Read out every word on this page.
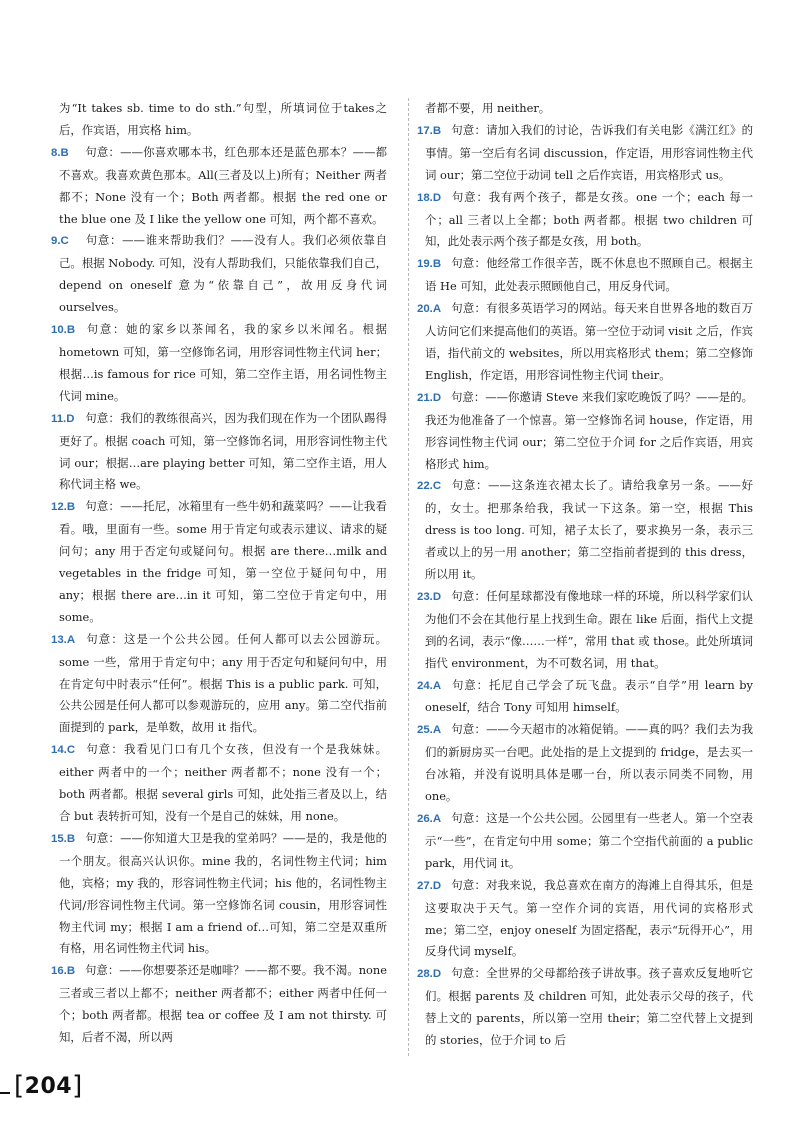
为“It takes sb. time to do sth.”句型，所填词位于takes之后，作宾语，用宾格 him。

8.B 句意：——你喜欢哪本书，红色那本还是蓝色那本？——都不喜欢。我喜欢黄色那本。All(三者及以上)所有；Neither 两者都不；None 没有一个；Both 两者都。根据 the red one or the blue one 及 I like the yellow one 可知，两个都不喜欢。

9.C 句意：——谁来帮助我们？——没有人。我们必须依靠自己。根据 Nobody. 可知，没有人帮助我们，只能依靠我们自己，depend on oneself 意为“依靠自己”，故用反身代词 ourselves。

10.B 句意：她的家乡以茶闻名，我的家乡以米闻名。根据 hometown 可知，第一空修饰名词，用形容词性物主代词 her；根据…is famous for rice 可知，第二空作主语，用名词性物主代词 mine。

11.D 句意：我们的教练很高兴，因为我们现在作为一个团队踢得更好了。根据 coach 可知，第一空修饰名词，用形容词性物主代词 our；根据…are playing better 可知，第二空作主语，用人称代词主格 we。

12.B 句意：——托尼，冰箱里有一些牛奶和蔬菜吗？——让我看看。哦，里面有一些。some 用于肯定句或表示建议、请求的疑问句；any 用于否定句或疑问句。根据 are there…milk and vegetables in the fridge 可知，第一空位于疑问句中，用 any；根据 there are…in it 可知，第二空位于肯定句中，用 some。

13.A 句意：这是一个公共公园。任何人都可以去公园游玩。some 一些，常用于肯定句中；any 用于否定句和疑问句中，用在肯定句中时表示“任何”。根据 This is a public park. 可知，公共公园是任何人都可以参观游玩的，应用 any。第二空代指前面提到的 park，是单数，故用 it 指代。

14.C 句意：我看见门口有几个女孩，但没有一个是我妹妹。either 两者中的一个；neither 两者都不；none 没有一个；both 两者都。根据 several girls 可知，此处指三者及以上，结合 but 表转折可知，没有一个是自己的妹妹，用 none。

15.B 句意：——你知道大卫是我的堂弟吗？——是的，我是他的一个朋友。很高兴认识你。mine 我的，名词性物主代词；him 他，宾格；my 我的，形容词性物主代词；his 他的，名词性物主代词/形容词性物主代词。第一空修饰名词 cousin，用形容词性物主代词 my；根据 I am a friend of…可知，第二空是双重所有格，用名词性物主代词 his。

16.B 句意：——你想要茶还是咖啡？——都不要。我不渴。none 三者或三者以上都不；neither 两者都不；either 两者中任何一个；both 两者都。根据 tea or coffee 及 I am not thirsty. 可知，后者不渴，所以两

者都不要，用 neither。

17.B 句意：请加入我们的讨论，告诉我们有关电影《满江红》的事情。第一空后有名词 discussion，作定语，用形容词性物主代词 our；第二空位于动词 tell 之后作宾语，用宾格形式 us。

18.D 句意：我有两个孩子，都是女孩。one 一个；each 每一个；all 三者以上全都；both 两者都。根据 two children 可知，此处表示两个孩子都是女孩，用 both。

19.B 句意：他经常工作很辛苦，既不休息也不照顾自己。根据主语 He 可知，此处表示照顾他自己，用反身代词。

20.A 句意：有很多英语学习的网站。每天来自世界各地的数百万人访问它们来提高他们的英语。第一空位于动词 visit 之后，作宾语，指代前文的 websites，所以用宾格形式 them；第二空修饰 English，作定语，用形容词性物主代词 their。

21.D 句意：——你邀请 Steve 来我们家吃晚饭了吗？——是的。我还为他准备了一个惊喜。第一空修饰名词 house，作定语，用形容词性物主代词 our；第二空位于介词 for 之后作宾语，用宾格形式 him。

22.C 句意：——这条连衣裙太长了。请给我拿另一条。——好的，女士。把那条给我，我试一下这条。第一空，根据 This dress is too long. 可知，裙子太长了，要求换另一条，表示三者或以上的另一用 another；第二空指前者提到的 this dress，所以用 it。

23.D 句意：任何星球都没有像地球一样的环境，所以科学家们认为他们不会在其他行星上找到生命。跟在 like 后面，指代上文提到的名词，表示“像……一样”，常用 that 或 those。此处所填词指代 environment，为不可数名词，用 that。

24.A 句意：托尼自己学会了玩飞盘。表示“自学”用 learn by oneself，结合 Tony 可知用 himself。

25.A 句意：——今天超市的冰箱促销。——真的吗？我们去为我们的新厨房买一台吧。此处指的是上文提到的 fridge，是去买一台冰箱，并没有说明具体是哪一台，所以表示同类不同物，用 one。

26.A 句意：这是一个公共公园。公园里有一些老人。第一个空表示“一些”，在肯定句中用 some；第二个空指代前面的 a public park，用代词 it。

27.D 句意：对我来说，我总喜欢在南方的海滩上自得其乐，但是这要取决于天气。第一空作介词的宾语，用代词的宾格形式 me；第二空，enjoy oneself 为固定搭配，表示“玩得开心”，用反身代词 myself。

28.D 句意：全世界的父母都给孩子讲故事。孩子喜欢反复地听它们。根据 parents 及 children 可知，此处表示父母的孩子，代替上文的 parents，所以第一空用 their；第二空代替上文提到的 stories，位于介词 to 后

[204]
